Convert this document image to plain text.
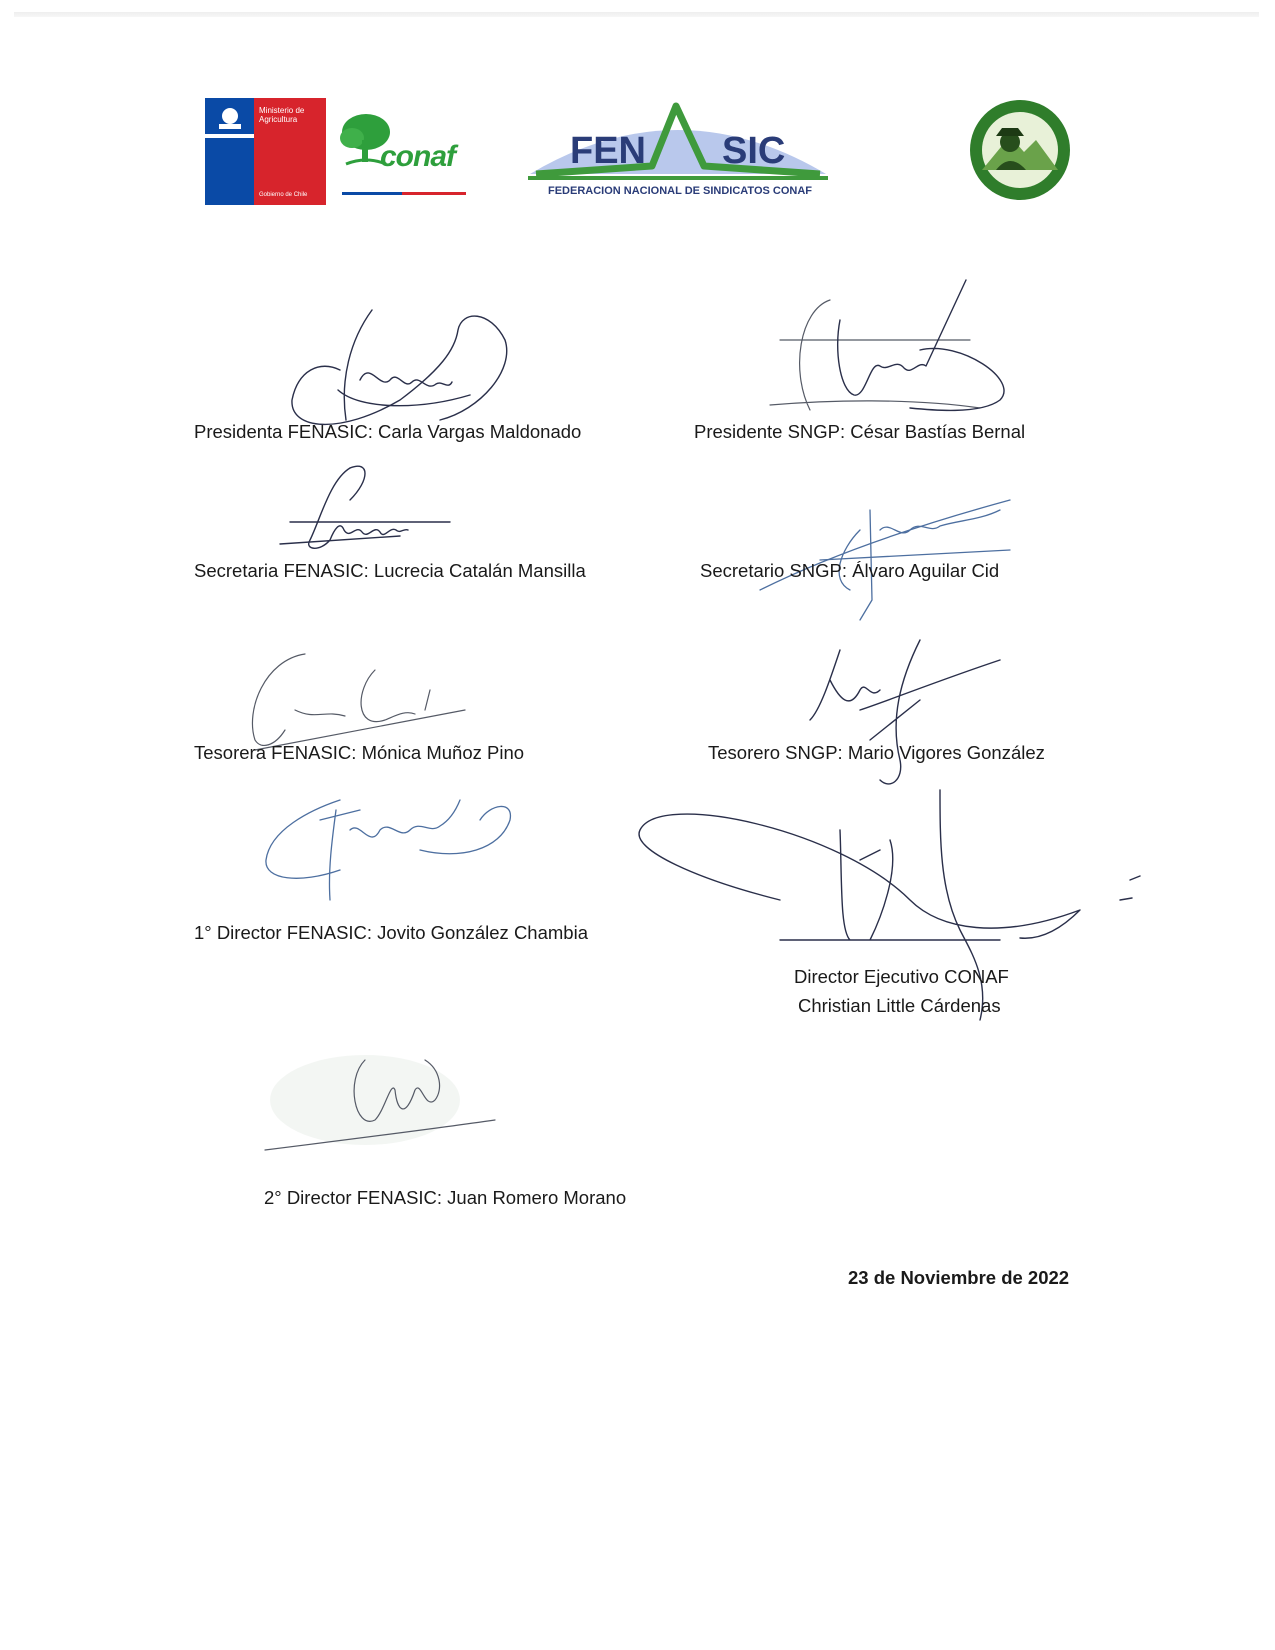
Ministerio de
Agricultura
Gobierno de Chile
conaf	FEN SIC
FEDERACION NACIONAL DE SINDICATOS CONAF
Presidenta FENASIC: Carla Vargas Maldonado	Presidente SNGP: César Bastías Bernal
Secretaria FENASIC: Lucrecia Catalán Mansilla	Secretario SNGP: Álvaro Aguilar Cid
Tesorera FENASIC: Mónica Muñoz Pino	Tesorero SNGP: Mario Vigores González
1° Director FENASIC: Jovito González Chambia
Director Ejecutivo CONAF
Christian Little Cárdenas
2° Director FENASIC: Juan Romero Morano
23 de Noviembre de 2022
